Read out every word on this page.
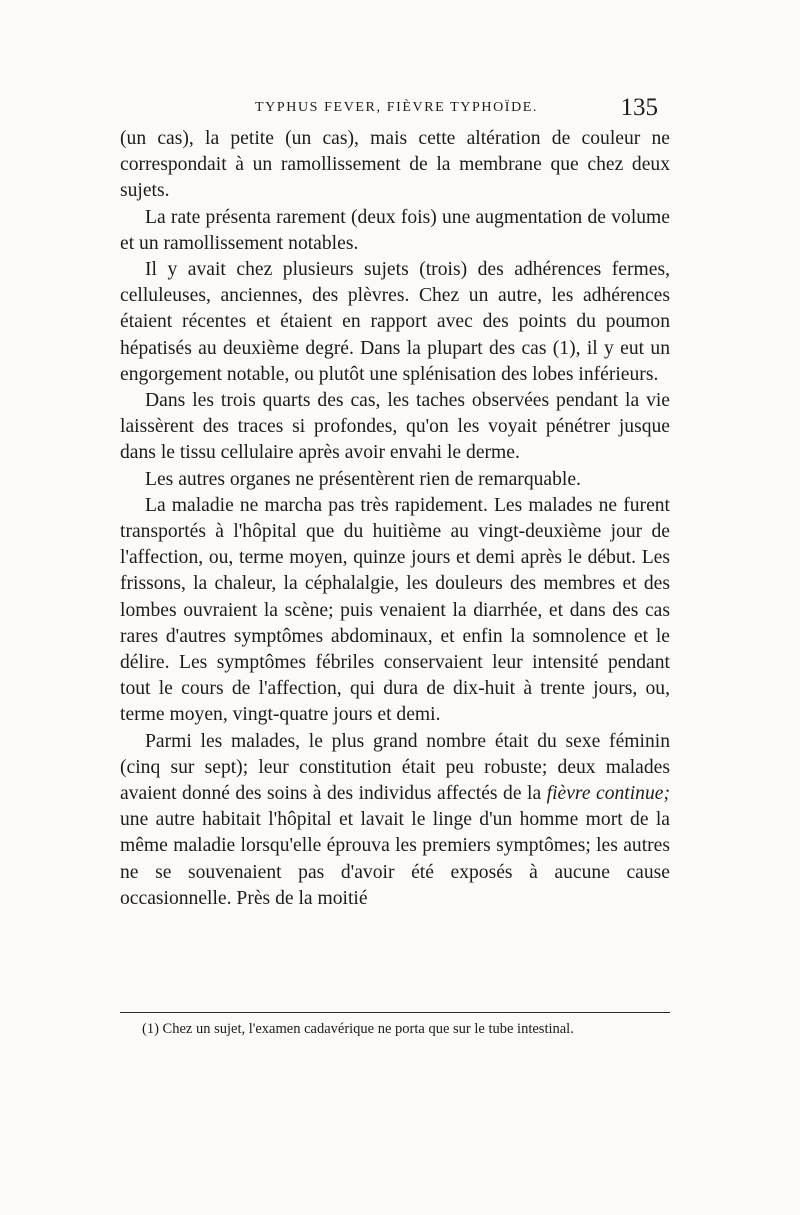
TYPHUS FEVER, FIÈVRE TYPHOÏDE.	135

(un cas), la petite (un cas), mais cette altération de couleur ne correspondait à un ramollissement de la membrane que chez deux sujets.

La rate présenta rarement (deux fois) une augmentation de volume et un ramollissement notables.

Il y avait chez plusieurs sujets (trois) des adhérences fermes, celluleuses, anciennes, des plèvres. Chez un autre, les adhérences étaient récentes et étaient en rapport avec des points du poumon hépatisés au deuxième degré. Dans la plupart des cas (1), il y eut un engorgement notable, ou plutôt une splénisation des lobes inférieurs.

Dans les trois quarts des cas, les taches observées pendant la vie laissèrent des traces si profondes, qu'on les voyait pénétrer jusque dans le tissu cellulaire après avoir envahi le derme.

Les autres organes ne présentèrent rien de remarquable.

La maladie ne marcha pas très rapidement. Les malades ne furent transportés à l'hôpital que du huitième au vingt-deuxième jour de l'affection, ou, terme moyen, quinze jours et demi après le début. Les frissons, la chaleur, la céphalalgie, les douleurs des membres et des lombes ouvraient la scène; puis venaient la diarrhée, et dans des cas rares d'autres symptômes abdominaux, et enfin la somnolence et le délire. Les symptômes fébriles conservaient leur intensité pendant tout le cours de l'affection, qui dura de dix-huit à trente jours, ou, terme moyen, vingt-quatre jours et demi.

Parmi les malades, le plus grand nombre était du sexe féminin (cinq sur sept); leur constitution était peu robuste; deux malades avaient donné des soins à des individus affectés de la fièvre continue; une autre habitait l'hôpital et lavait le linge d'un homme mort de la même maladie lorsqu'elle éprouva les premiers symptômes; les autres ne se souvenaient pas d'avoir été exposés à aucune cause occasionnelle. Près de la moitié

(1) Chez un sujet, l'examen cadavérique ne porta que sur le tube intestinal.
